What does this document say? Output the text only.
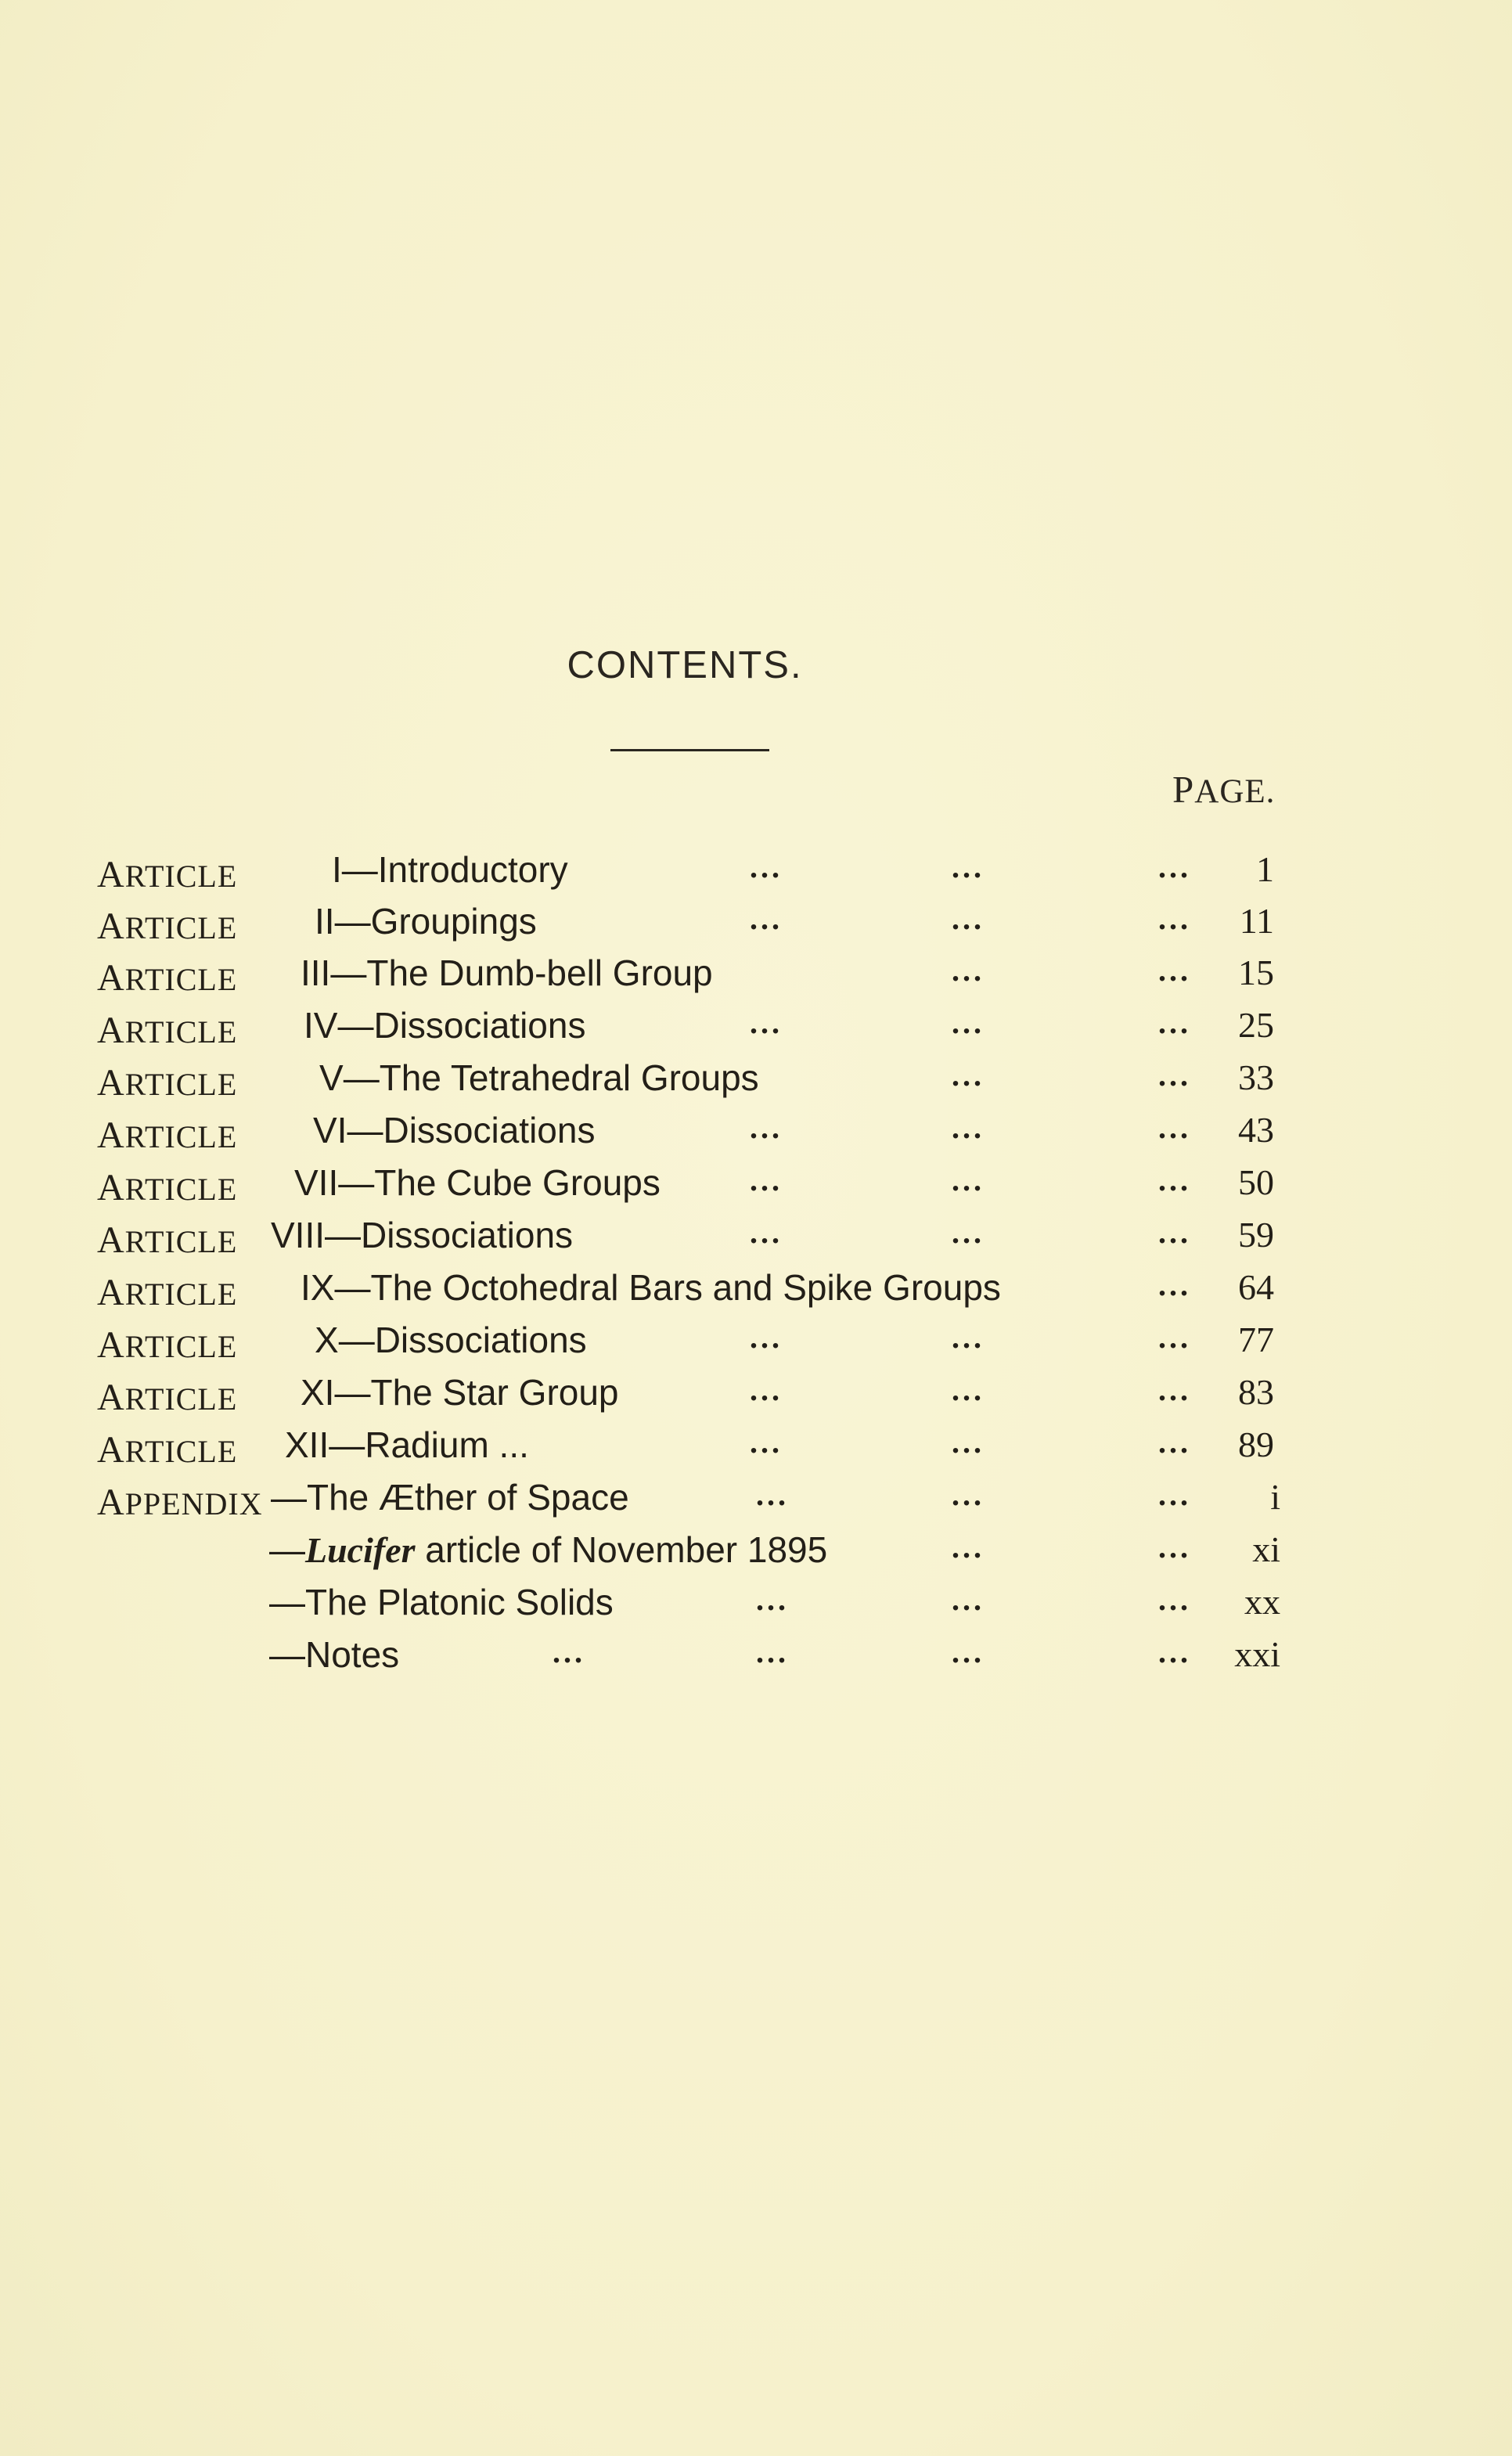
CONTENTS.
PAGE.
ARTICLE	I—Introductory	...	...	... 1
ARTICLE II—Groupings	...	...	... 11
ARTICLE III—The Dumb-bell Group	...	... 15
ARTICLE IV—Dissociations	...	...	... 25
ARTICLE V—The Tetrahedral Groups	...	... 33
ARTICLE VI—Dissociations	...	...	... 43
ARTICLE VII—The Cube Groups	...	...	... 50
ARTICLE VIII—Dissociations	...	...	... 59
ARTICLE IX—The Octohedral Bars and Spike Groups	... 64
ARTICLE X—Dissociations	...	...	... 77
ARTICLE XI—The Star Group	...	...	... 83
ARTICLE XII—Radium ...	...	...	... 89
APPENDIX —The Æther of Space	...	...	... i
—Lucifer article of November 1895	...	... xi
—The Platonic Solids	...	...	... xx
—Notes	...	...	...	... xxi
